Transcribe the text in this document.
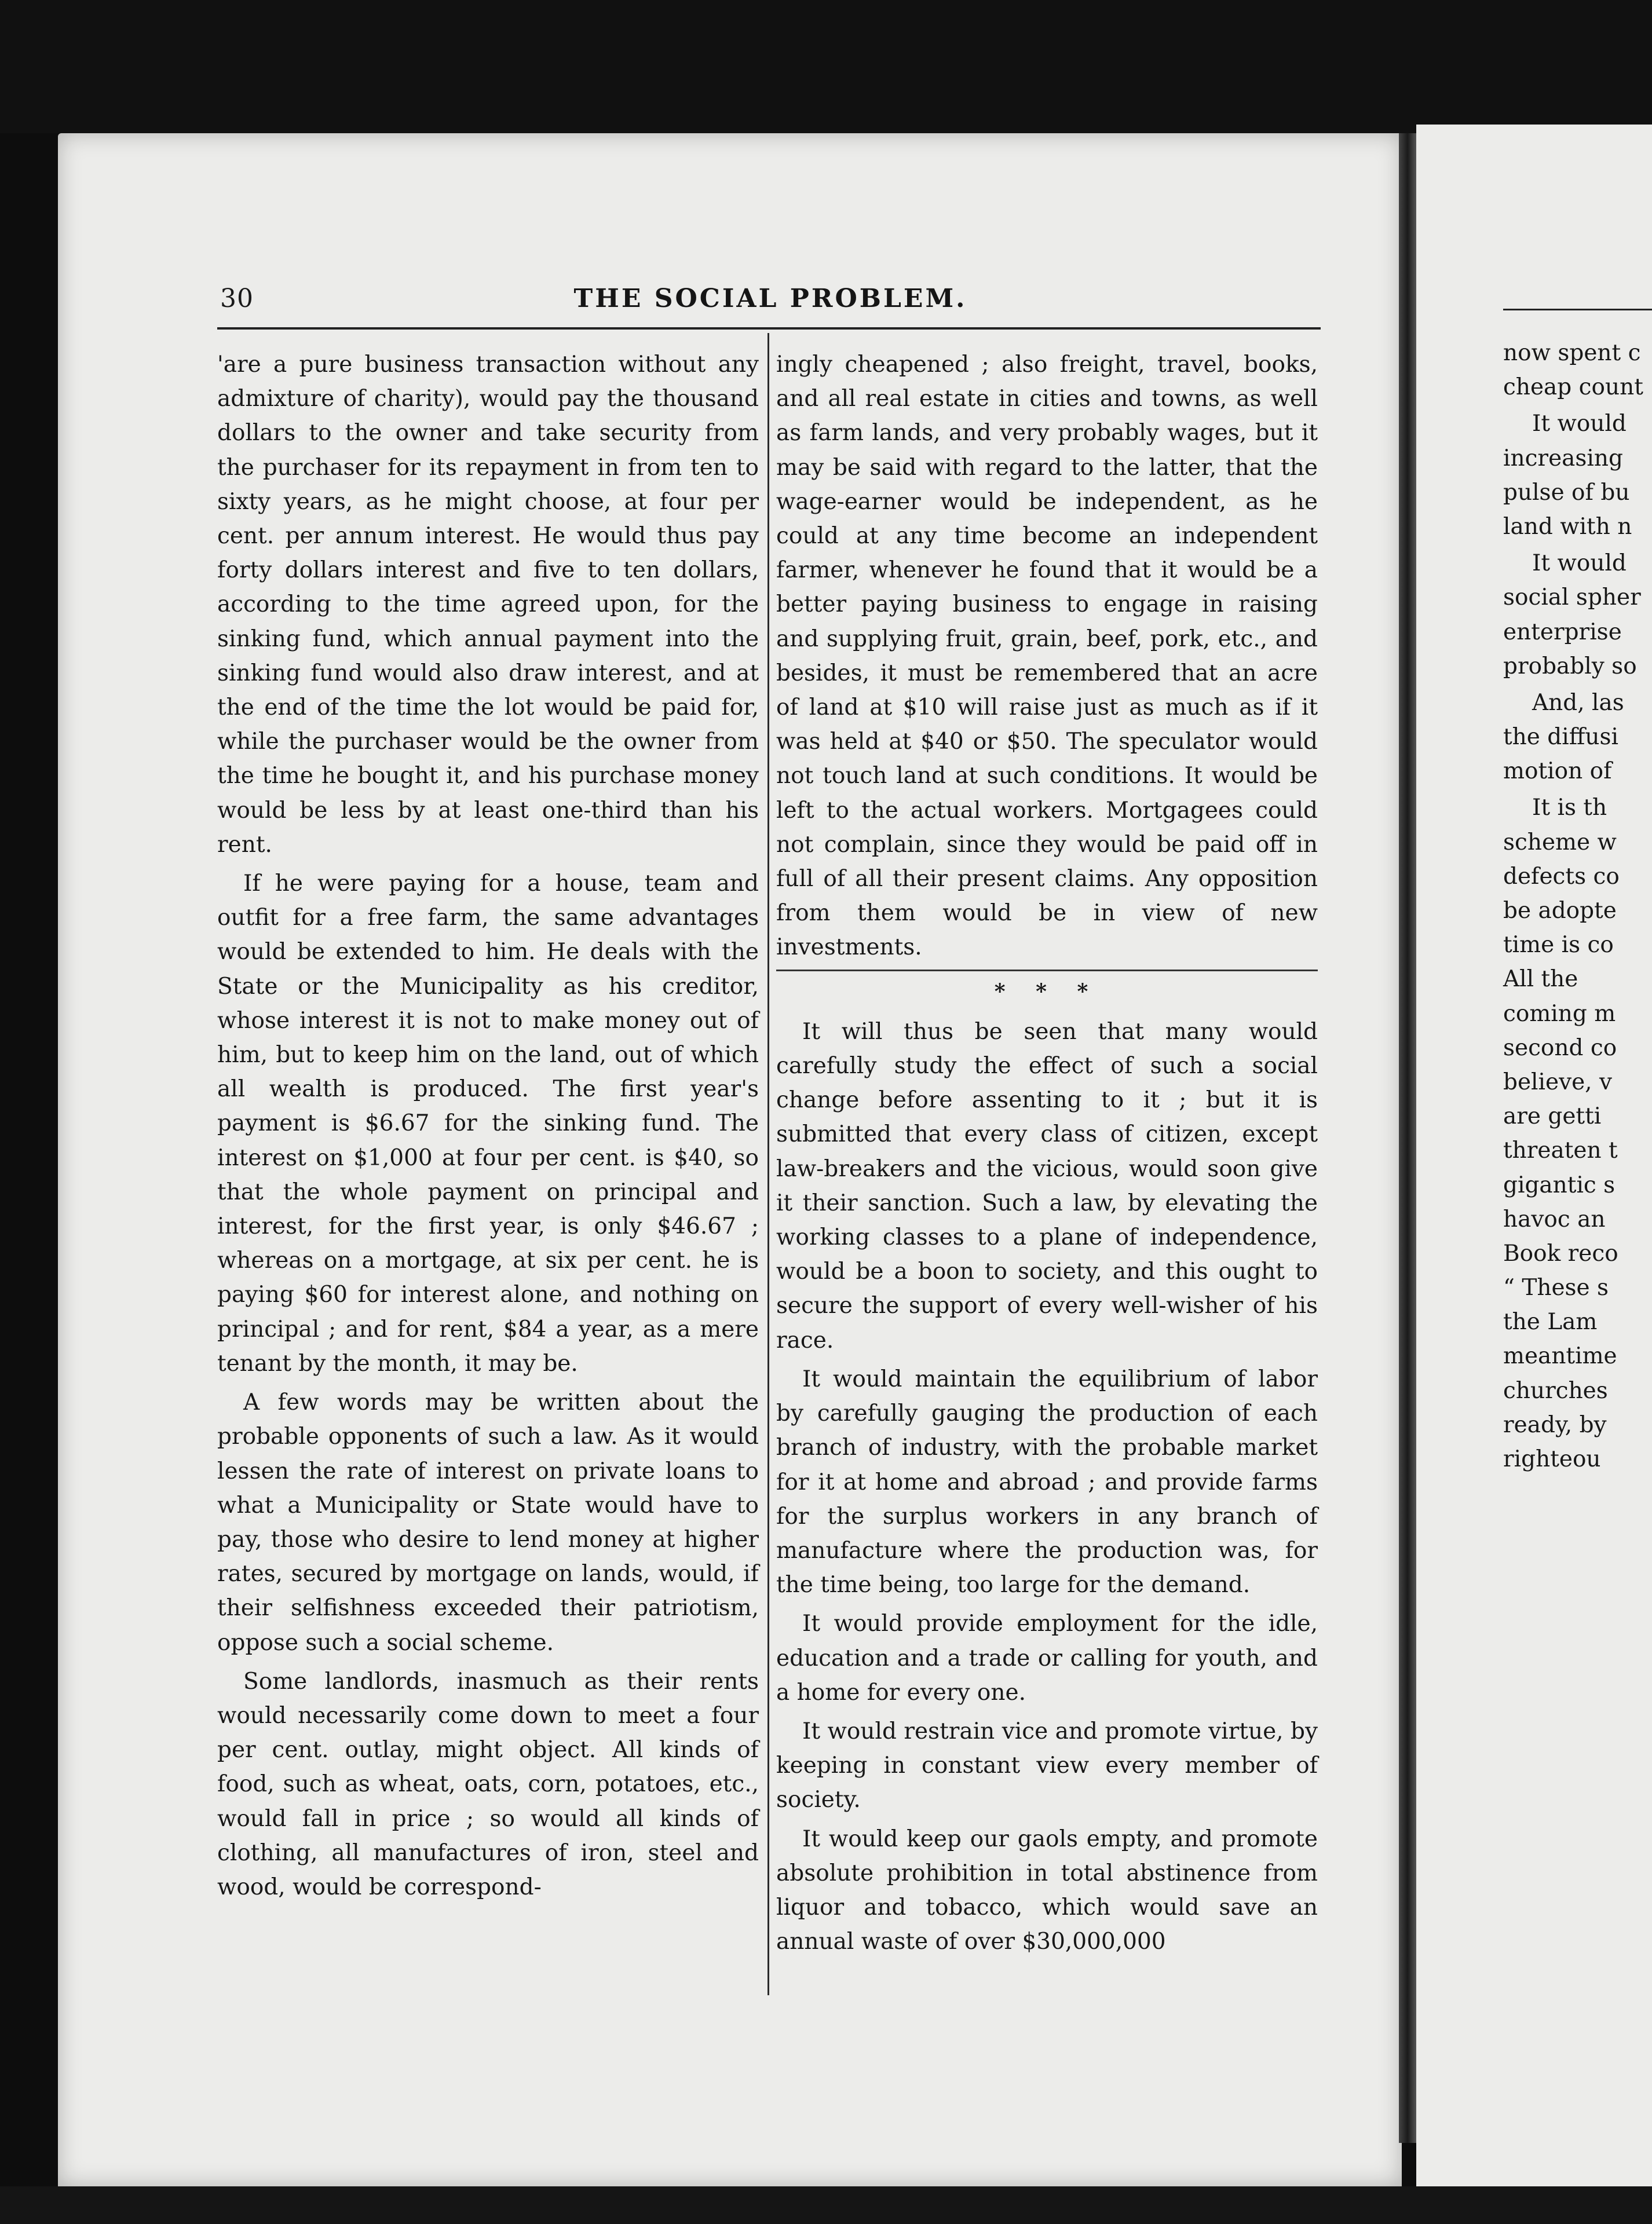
now spent c
cheap count
It would
increasing
pulse of bu
land with n
It would
social spher
enterprise
probably so
And, las
the diffusi
motion of
It is th
scheme w
defects co
be adopte
time is co
All the
coming m
second co
believe, v
are getti
threaten t
gigantic s
havoc an
Book reco
“ These s
the Lam
meantime
churches
ready, by
righteou
30	THE SOCIAL PROBLEM.

'are a pure business transaction without any admixture of charity), would pay the thousand dollars to the owner and take security from the purchaser for its repayment in from ten to sixty years, as he might choose, at four per cent. per annum interest. He would thus pay forty dollars interest and five to ten dollars, according to the time agreed upon, for the sinking fund, which annual payment into the sinking fund would also draw interest, and at the end of the time the lot would be paid for, while the purchaser would be the owner from the time he bought it, and his purchase money would be less by at least one-third than his rent.

If he were paying for a house, team and outfit for a free farm, the same advantages would be extended to him. He deals with the State or the Municipality as his creditor, whose interest it is not to make money out of him, but to keep him on the land, out of which all wealth is produced. The first year's payment is $6.67 for the sinking fund. The interest on $1,000 at four per cent. is $40, so that the whole payment on principal and interest, for the first year, is only $46.67 ; whereas on a mortgage, at six per cent. he is paying $60 for interest alone, and nothing on principal ; and for rent, $84 a year, as a mere tenant by the month, it may be.

A few words may be written about the probable opponents of such a law. As it would lessen the rate of interest on private loans to what a Municipality or State would have to pay, those who desire to lend money at higher rates, secured by mortgage on lands, would, if their selfishness exceeded their patriotism, oppose such a social scheme.

Some landlords, inasmuch as their rents would necessarily come down to meet a four per cent. outlay, might object. All kinds of food, such as wheat, oats, corn, potatoes, etc., would fall in price ; so would all kinds of clothing, all manufactures of iron, steel and wood, would be correspond-

ingly cheapened ; also freight, travel, books, and all real estate in cities and towns, as well as farm lands, and very probably wages, but it may be said with regard to the latter, that the wage-earner would be independent, as he could at any time become an independent farmer, whenever he found that it would be a better paying business to engage in raising and supplying fruit, grain, beef, pork, etc., and besides, it must be remembered that an acre of land at $10 will raise just as much as if it was held at $40 or $50. The speculator would not touch land at such conditions. It would be left to the actual workers. Mortgagees could not complain, since they would be paid off in full of all their present claims. Any opposition from them would be in view of new investments.

* * *

It will thus be seen that many would carefully study the effect of such a social change before assenting to it ; but it is submitted that every class of citizen, except law-breakers and the vicious, would soon give it their sanction. Such a law, by elevating the working classes to a plane of independence, would be a boon to society, and this ought to secure the support of every well-wisher of his race.

It would maintain the equilibrium of labor by carefully gauging the production of each branch of industry, with the probable market for it at home and abroad ; and provide farms for the surplus workers in any branch of manufacture where the production was, for the time being, too large for the demand.

It would provide employment for the idle, education and a trade or calling for youth, and a home for every one.

It would restrain vice and promote virtue, by keeping in constant view every member of society.

It would keep our gaols empty, and promote absolute prohibition in total abstinence from liquor and tobacco, which would save an annual waste of over $30,000,000
